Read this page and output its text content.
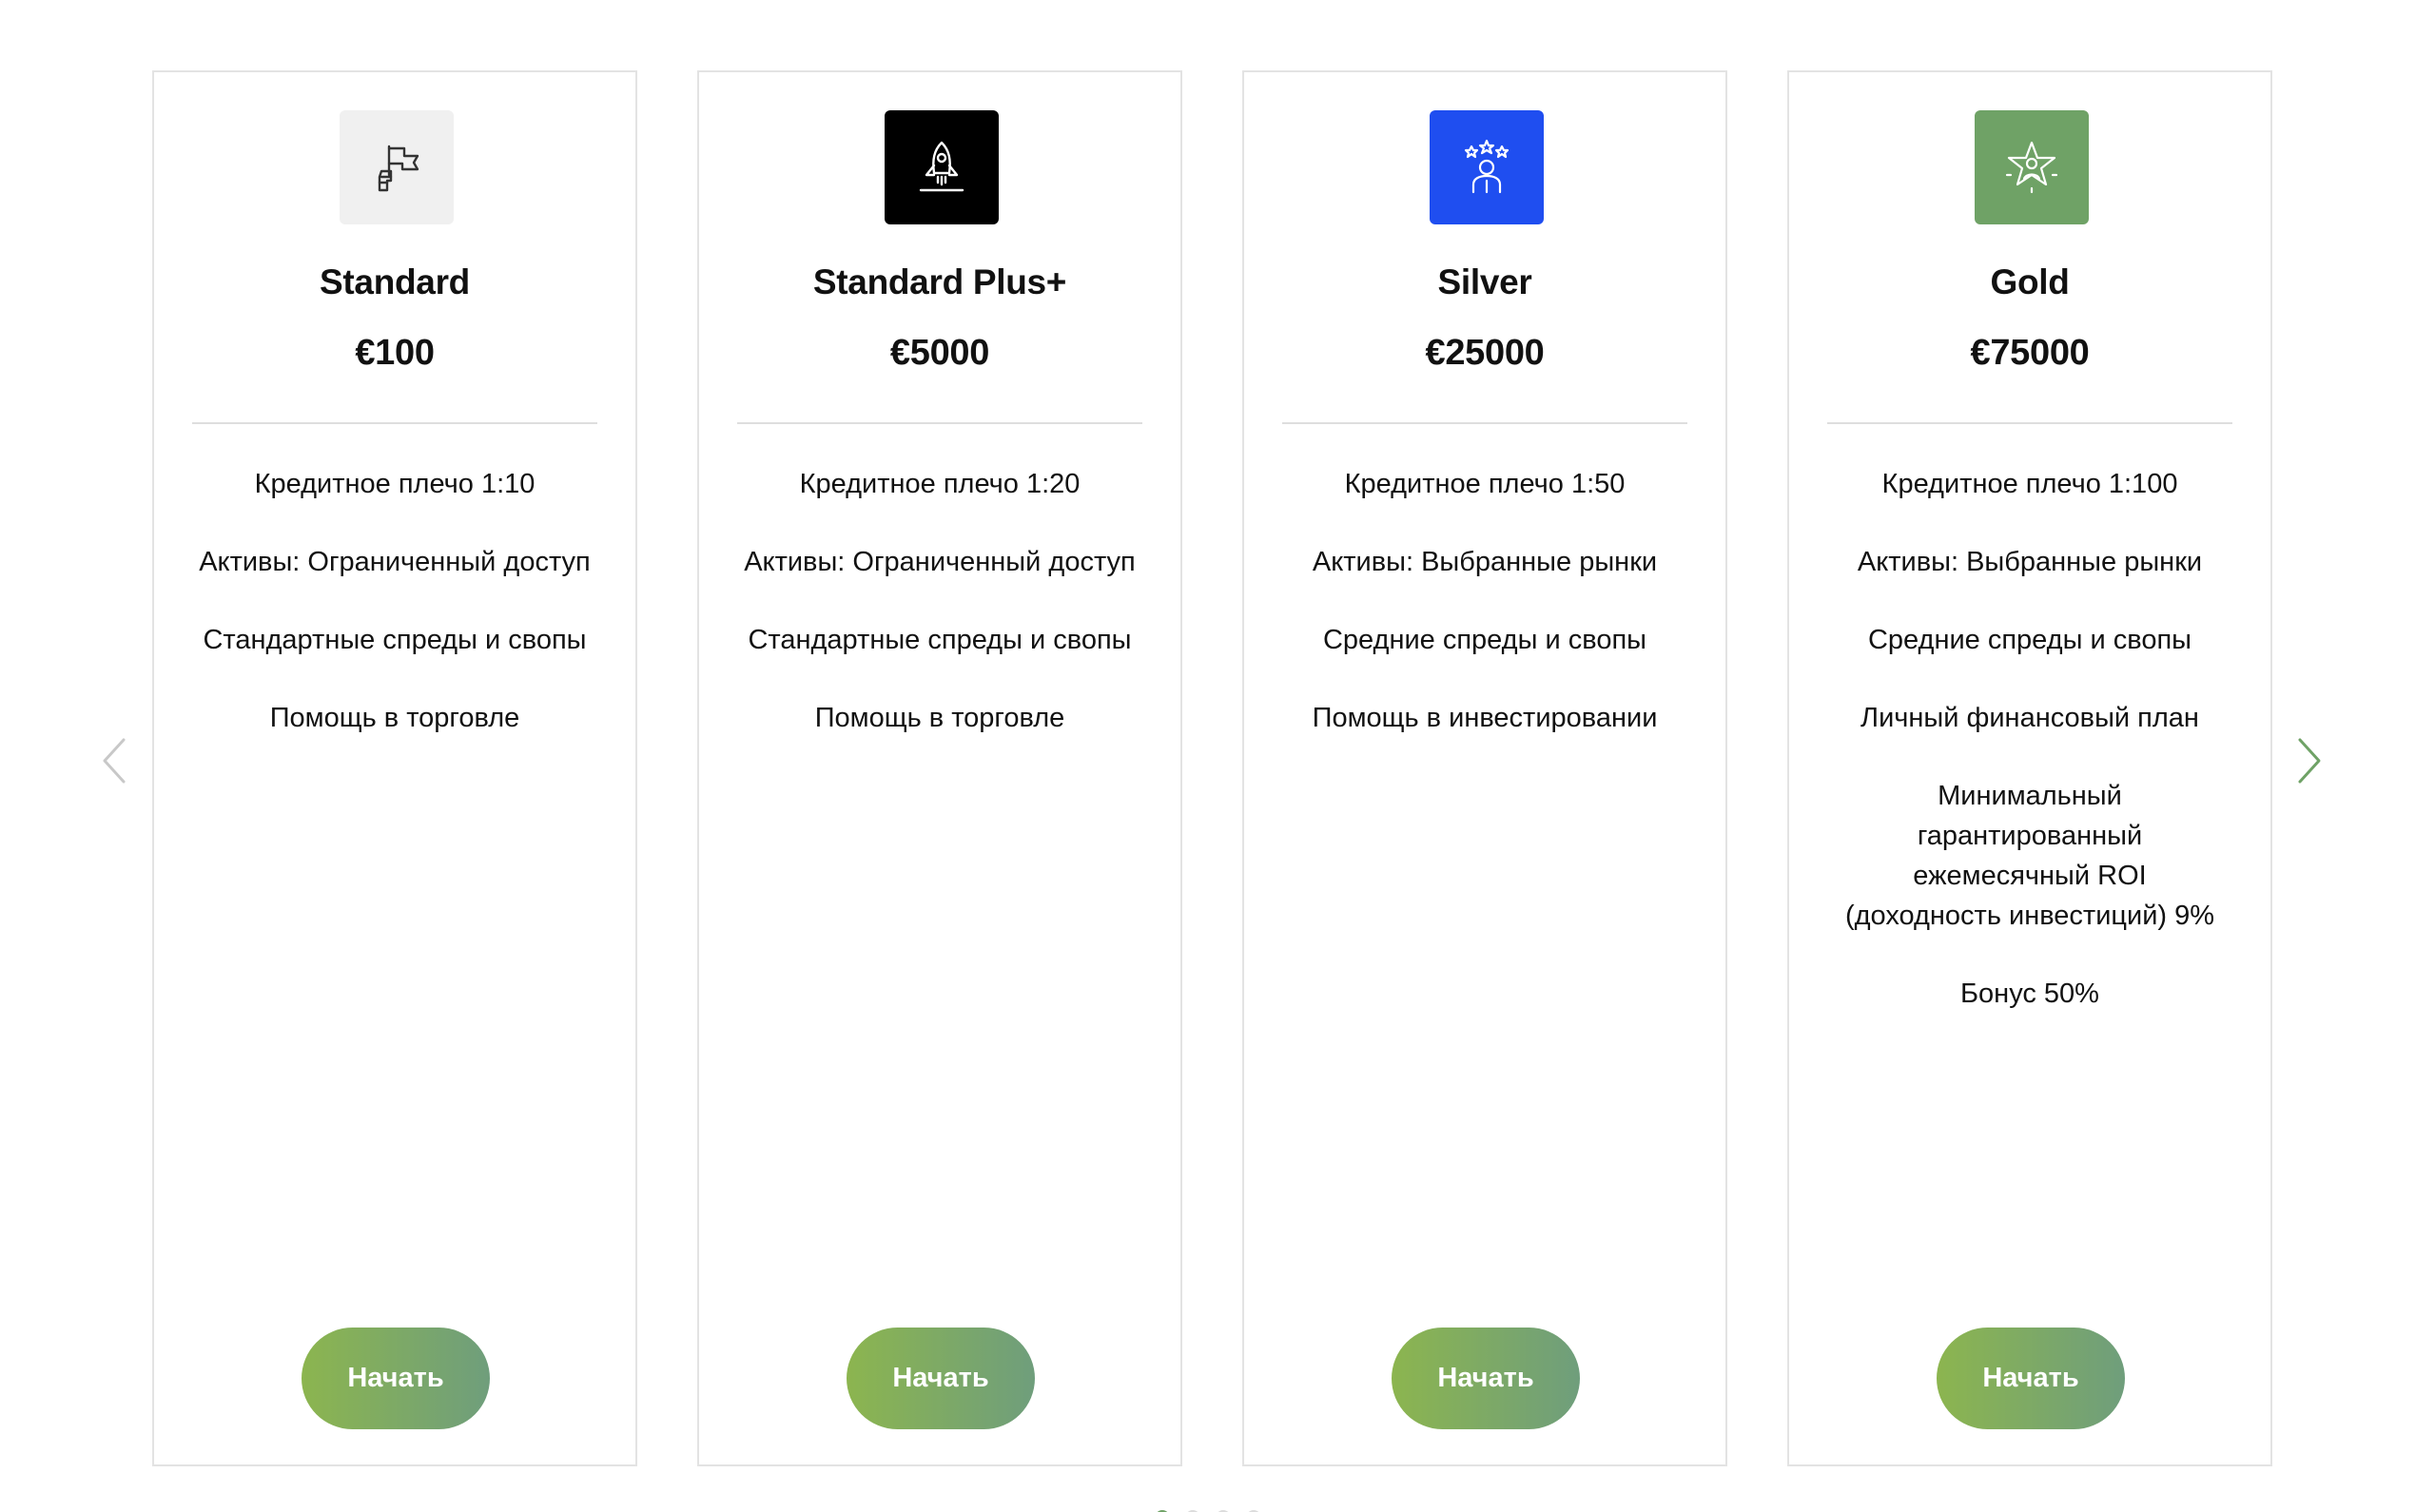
Standard
€100
Кредитное плечо 1:10
Активы: Ограниченный доступ
Стандартные спреды и свопы
Помощь в торговле
Начать
Standard Plus+
€5000
Кредитное плечо 1:20
Активы: Ограниченный доступ
Стандартные спреды и свопы
Помощь в торговле
Начать
Silver
€25000
Кредитное плечо 1:50
Активы: Выбранные рынки
Средние спреды и свопы
Помощь в инвестировании
Начать
Gold
€75000
Кредитное плечо 1:100
Активы: Выбранные рынки
Средние спреды и свопы
Личный финансовый план
Минимальный гарантированный ежемесячный ROI (доходность инвестиций) 9%
Бонус 50%
Начать
